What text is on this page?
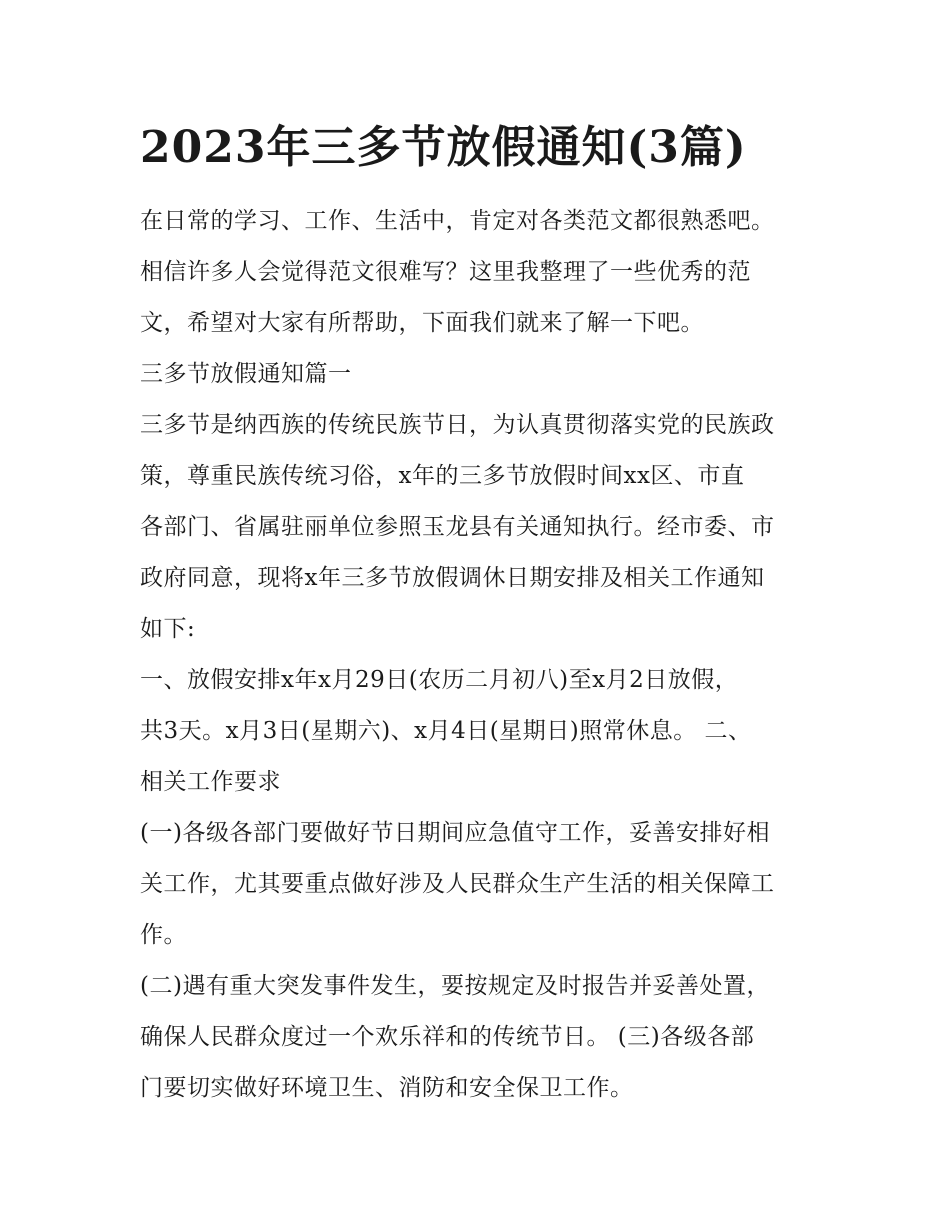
2023年三多节放假通知(3篇)

在日常的学习、工作、生活中，肯定对各类范文都很熟悉吧。

相信许多人会觉得范文很难写？这里我整理了一些优秀的范

文，希望对大家有所帮助，下面我们就来了解一下吧。

三多节放假通知篇一

三多节是纳西族的传统民族节日，为认真贯彻落实党的民族政

策，尊重民族传统习俗，x年的三多节放假时间xx区、市直

各部门、省属驻丽单位参照玉龙县有关通知执行。经市委、市

政府同意，现将x年三多节放假调休日期安排及相关工作通知

如下:

一、放假安排x年x月29日(农历二月初八)至x月2日放假，

共3天。x月3日(星期六)、x月4日(星期日)照常休息。 二、

相关工作要求

(一)各级各部门要做好节日期间应急值守工作，妥善安排好相

关工作，尤其要重点做好涉及人民群众生产生活的相关保障工

作。

(二)遇有重大突发事件发生，要按规定及时报告并妥善处置，

确保人民群众度过一个欢乐祥和的传统节日。 (三)各级各部

门要切实做好环境卫生、消防和安全保卫工作。
